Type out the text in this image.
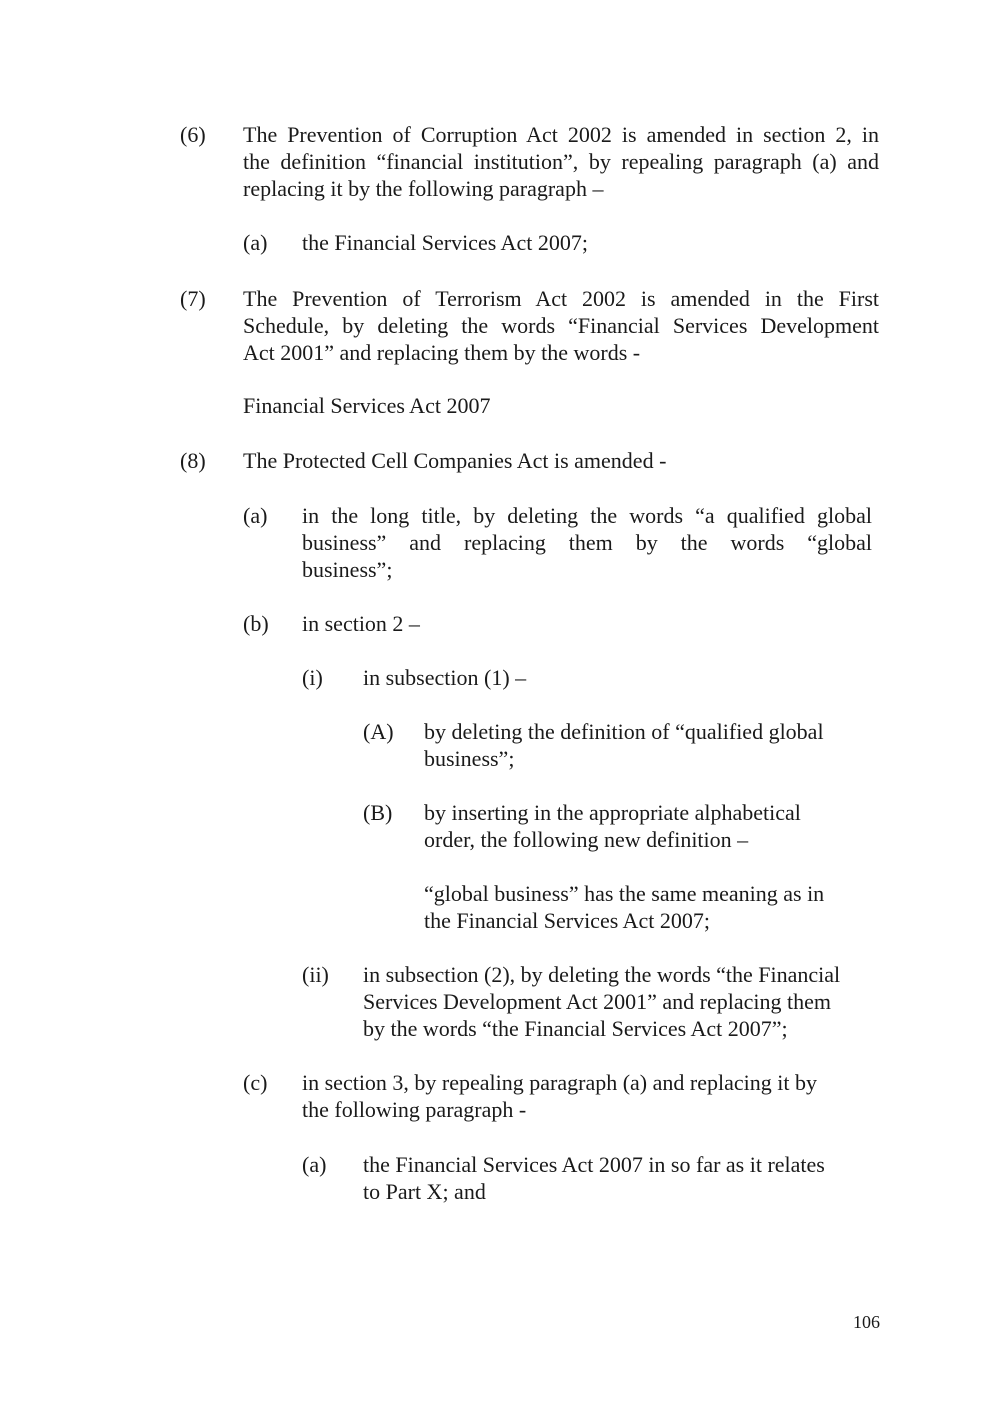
(6) The Prevention of Corruption Act 2002 is amended in section 2, in
the definition “financial institution”, by repealing paragraph (a) and
replacing it by the following paragraph –
(a) the Financial Services Act 2007;
(7) The Prevention of Terrorism Act 2002 is amended in the First
Schedule, by deleting the words “Financial Services Development
Act 2001” and replacing them by the words -
Financial Services Act 2007
(8) The Protected Cell Companies Act is amended -
(a) in the long title, by deleting the words “a qualified global
business” and replacing them by the words “global
business”;
(b) in section 2 –
(i) in subsection (1) –
(A) by deleting the definition of “qualified global
business”;
(B) by inserting in the appropriate alphabetical
order, the following new definition –
“global business” has the same meaning as in
the Financial Services Act 2007;
(ii) in subsection (2), by deleting the words “the Financial
Services Development Act 2001” and replacing them
by the words “the Financial Services Act 2007”;
(c) in section 3, by repealing paragraph (a) and replacing it by
the following paragraph -
(a) the Financial Services Act 2007 in so far as it relates
to Part X; and
106
